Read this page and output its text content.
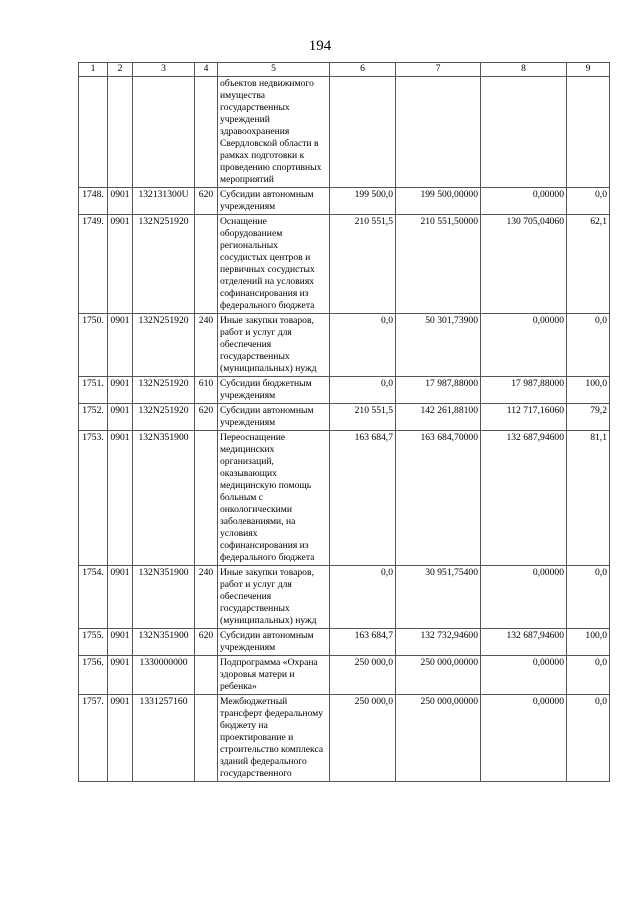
194
1	2	3	4	5	6	7	8	9
				объектов недвижимого имущества государственных учреждений здравоохранения Свердловской области в рамках подготовки к проведению спортивных мероприятий				
1748.	0901	132131300U	620	Субсидии автономным учреждениям	199 500,0	199 500,00000	0,00000	0,0
1749.	0901	132N251920		Оснащение оборудованием региональных сосудистых центров и первичных сосудистых отделений на условиях софинансирования из федерального бюджета	210 551,5	210 551,50000	130 705,04060	62,1
1750.	0901	132N251920	240	Иные закупки товаров, работ и услуг для обеспечения государственных (муниципальных) нужд	0,0	50 301,73900	0,00000	0,0
1751.	0901	132N251920	610	Субсидии бюджетным учреждениям	0,0	17 987,88000	17 987,88000	100,0
1752.	0901	132N251920	620	Субсидии автономным учреждениям	210 551,5	142 261,88100	112 717,16060	79,2
1753.	0901	132N351900		Переоснащение медицинских организаций, оказывающих медицинскую помощь больным с онкологическими заболеваниями, на условиях софинансирования из федерального бюджета	163 684,7	163 684,70000	132 687,94600	81,1
1754.	0901	132N351900	240	Иные закупки товаров, работ и услуг для обеспечения государственных (муниципальных) нужд	0,0	30 951,75400	0,00000	0,0
1755.	0901	132N351900	620	Субсидии автономным учреждениям	163 684,7	132 732,94600	132 687,94600	100,0
1756.	0901	1330000000		Подпрограмма «Охрана здоровья матери и ребенка»	250 000,0	250 000,00000	0,00000	0,0
1757.	0901	1331257160		Межбюджетный трансферт федеральному бюджету на проектирование и строительство комплекса зданий федерального государственного	250 000,0	250 000,00000	0,00000	0,0
